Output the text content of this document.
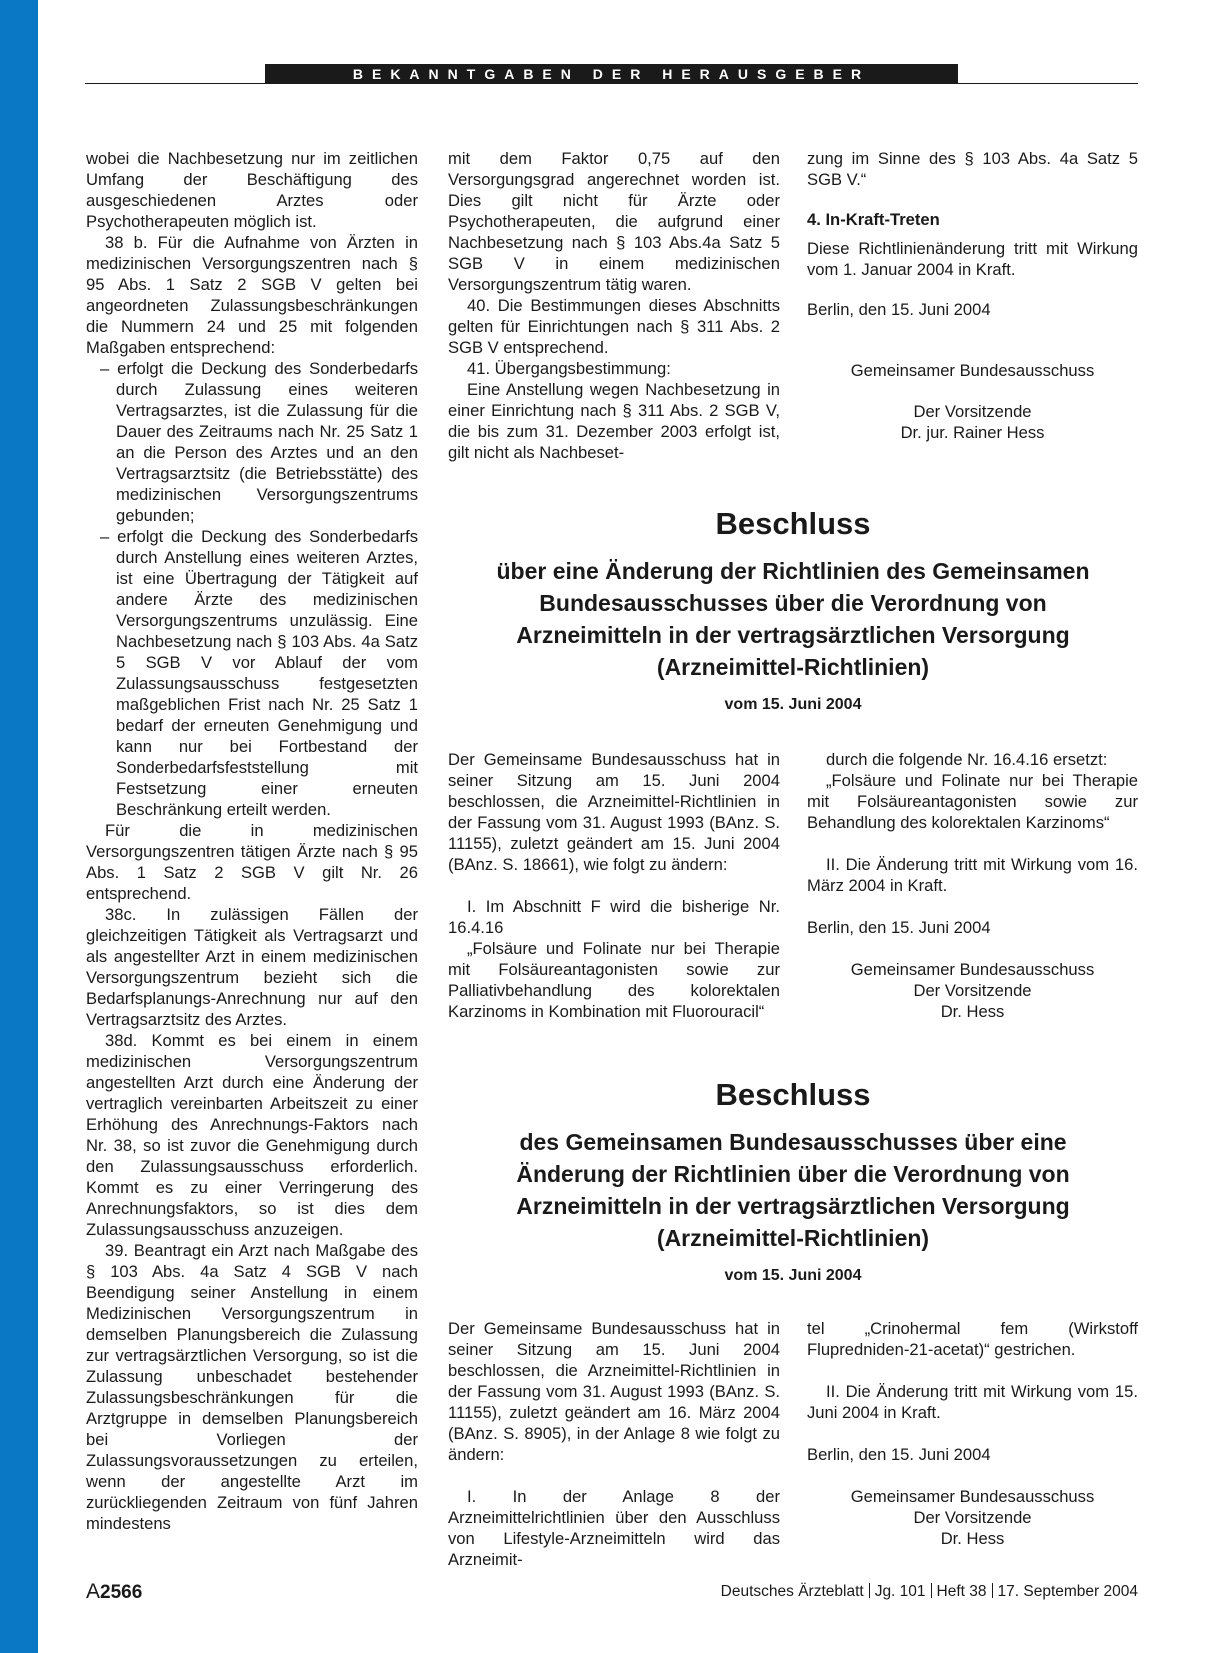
BEKANNTGABEN DER HERAUSGEBER

wobei die Nachbesetzung nur im zeitlichen Umfang der Beschäftigung des ausgeschiedenen Arztes oder Psychotherapeuten möglich ist.

38 b. Für die Aufnahme von Ärzten in medizinischen Versorgungszentren nach § 95 Abs. 1 Satz 2 SGB V gelten bei angeordneten Zulassungsbeschränkungen die Nummern 24 und 25 mit folgenden Maßgaben entsprechend:

– erfolgt die Deckung des Sonderbedarfs durch Zulassung eines weiteren Vertragsarztes, ist die Zulassung für die Dauer des Zeitraums nach Nr. 25 Satz 1 an die Person des Arztes und an den Vertragsarztsitz (die Betriebsstätte) des medizinischen Versorgungszentrums gebunden;

– erfolgt die Deckung des Sonderbedarfs durch Anstellung eines weiteren Arztes, ist eine Übertragung der Tätigkeit auf andere Ärzte des medizinischen Versorgungszentrums unzulässig. Eine Nachbesetzung nach § 103 Abs. 4a Satz 5 SGB V vor Ablauf der vom Zulassungsausschuss festgesetzten maßgeblichen Frist nach Nr. 25 Satz 1 bedarf der erneuten Genehmigung und kann nur bei Fortbestand der Sonderbedarfsfeststellung mit Festsetzung einer erneuten Beschränkung erteilt werden.

Für die in medizinischen Versorgungszentren tätigen Ärzte nach § 95 Abs. 1 Satz 2 SGB V gilt Nr. 26 entsprechend.

38c. In zulässigen Fällen der gleichzeitigen Tätigkeit als Vertragsarzt und als angestellter Arzt in einem medizinischen Versorgungszentrum bezieht sich die Bedarfsplanungs-Anrechnung nur auf den Vertragsarztsitz des Arztes.

38d. Kommt es bei einem in einem medizinischen Versorgungszentrum angestellten Arzt durch eine Änderung der vertraglich vereinbarten Arbeitszeit zu einer Erhöhung des Anrechnungs-Faktors nach Nr. 38, so ist zuvor die Genehmigung durch den Zulassungsausschuss erforderlich. Kommt es zu einer Verringerung des Anrechnungsfaktors, so ist dies dem Zulassungsausschuss anzuzeigen.

39. Beantragt ein Arzt nach Maßgabe des § 103 Abs. 4a Satz 4 SGB V nach Beendigung seiner Anstellung in einem Medizinischen Versorgungszentrum in demselben Planungsbereich die Zulassung zur vertragsärztlichen Versorgung, so ist die Zulassung unbeschadet bestehender Zulassungsbeschränkungen für die Arztgruppe in demselben Planungsbereich bei Vorliegen der Zulassungsvoraussetzungen zu erteilen, wenn der angestellte Arzt im zurückliegenden Zeitraum von fünf Jahren mindestens

mit dem Faktor 0,75 auf den Versorgungsgrad angerechnet worden ist. Dies gilt nicht für Ärzte oder Psychotherapeuten, die aufgrund einer Nachbesetzung nach § 103 Abs.4a Satz 5 SGB V in einem medizinischen Versorgungszentrum tätig waren.

40. Die Bestimmungen dieses Abschnitts gelten für Einrichtungen nach § 311 Abs. 2 SGB V entsprechend.

41. Übergangsbestimmung:

Eine Anstellung wegen Nachbesetzung in einer Einrichtung nach § 311 Abs. 2 SGB V, die bis zum 31. Dezember 2003 erfolgt ist, gilt nicht als Nachbeset-

zung im Sinne des § 103 Abs. 4a Satz 5 SGB V.“

4. In-Kraft-Treten

Diese Richtlinienänderung tritt mit Wirkung vom 1. Januar 2004 in Kraft.

Berlin, den 15. Juni 2004

Gemeinsamer Bundesausschuss

Der Vorsitzende

Dr. jur. Rainer Hess

Beschluss
über eine Änderung der Richtlinien des Gemeinsamen
Bundesausschusses über die Verordnung von
Arzneimitteln in der vertragsärztlichen Versorgung
(Arzneimittel-Richtlinien)
vom 15. Juni 2004

Der Gemeinsame Bundesausschuss hat in seiner Sitzung am 15. Juni 2004 beschlossen, die Arzneimittel-Richtlinien in der Fassung vom 31. August 1993 (BAnz. S. 11155), zuletzt geändert am 15. Juni 2004 (BAnz. S. 18661), wie folgt zu ändern:

I. Im Abschnitt F wird die bisherige Nr. 16.4.16

„Folsäure und Folinate nur bei Therapie mit Folsäureantagonisten sowie zur Palliativbehandlung des kolorektalen Karzinoms in Kombination mit Fluorouracil“

durch die folgende Nr. 16.4.16 ersetzt:

„Folsäure und Folinate nur bei Therapie mit Folsäureantagonisten sowie zur Behandlung des kolorektalen Karzinoms“

II. Die Änderung tritt mit Wirkung vom 16. März 2004 in Kraft.

Berlin, den 15. Juni 2004

Gemeinsamer Bundesausschuss

Der Vorsitzende

Dr. Hess

Beschluss
des Gemeinsamen Bundesausschusses über eine
Änderung der Richtlinien über die Verordnung von
Arzneimitteln in der vertragsärztlichen Versorgung
(Arzneimittel-Richtlinien)
vom 15. Juni 2004

Der Gemeinsame Bundesausschuss hat in seiner Sitzung am 15. Juni 2004 beschlossen, die Arzneimittel-Richtlinien in der Fassung vom 31. August 1993 (BAnz. S. 11155), zuletzt geändert am 16. März 2004 (BAnz. S. 8905), in der Anlage 8 wie folgt zu ändern:

I. In der Anlage 8 der Arzneimittelrichtlinien über den Ausschluss von Lifestyle-Arzneimitteln wird das Arzneimit-

tel „Crinohermal fem (Wirkstoff Flupredniden-21-acetat)“ gestrichen.

II. Die Änderung tritt mit Wirkung vom 15. Juni 2004 in Kraft.

Berlin, den 15. Juni 2004

Gemeinsamer Bundesausschuss

Der Vorsitzende

Dr. Hess

A2566	Deutsches Ärzteblatt Jg. 101 Heft 38 17. September 2004
